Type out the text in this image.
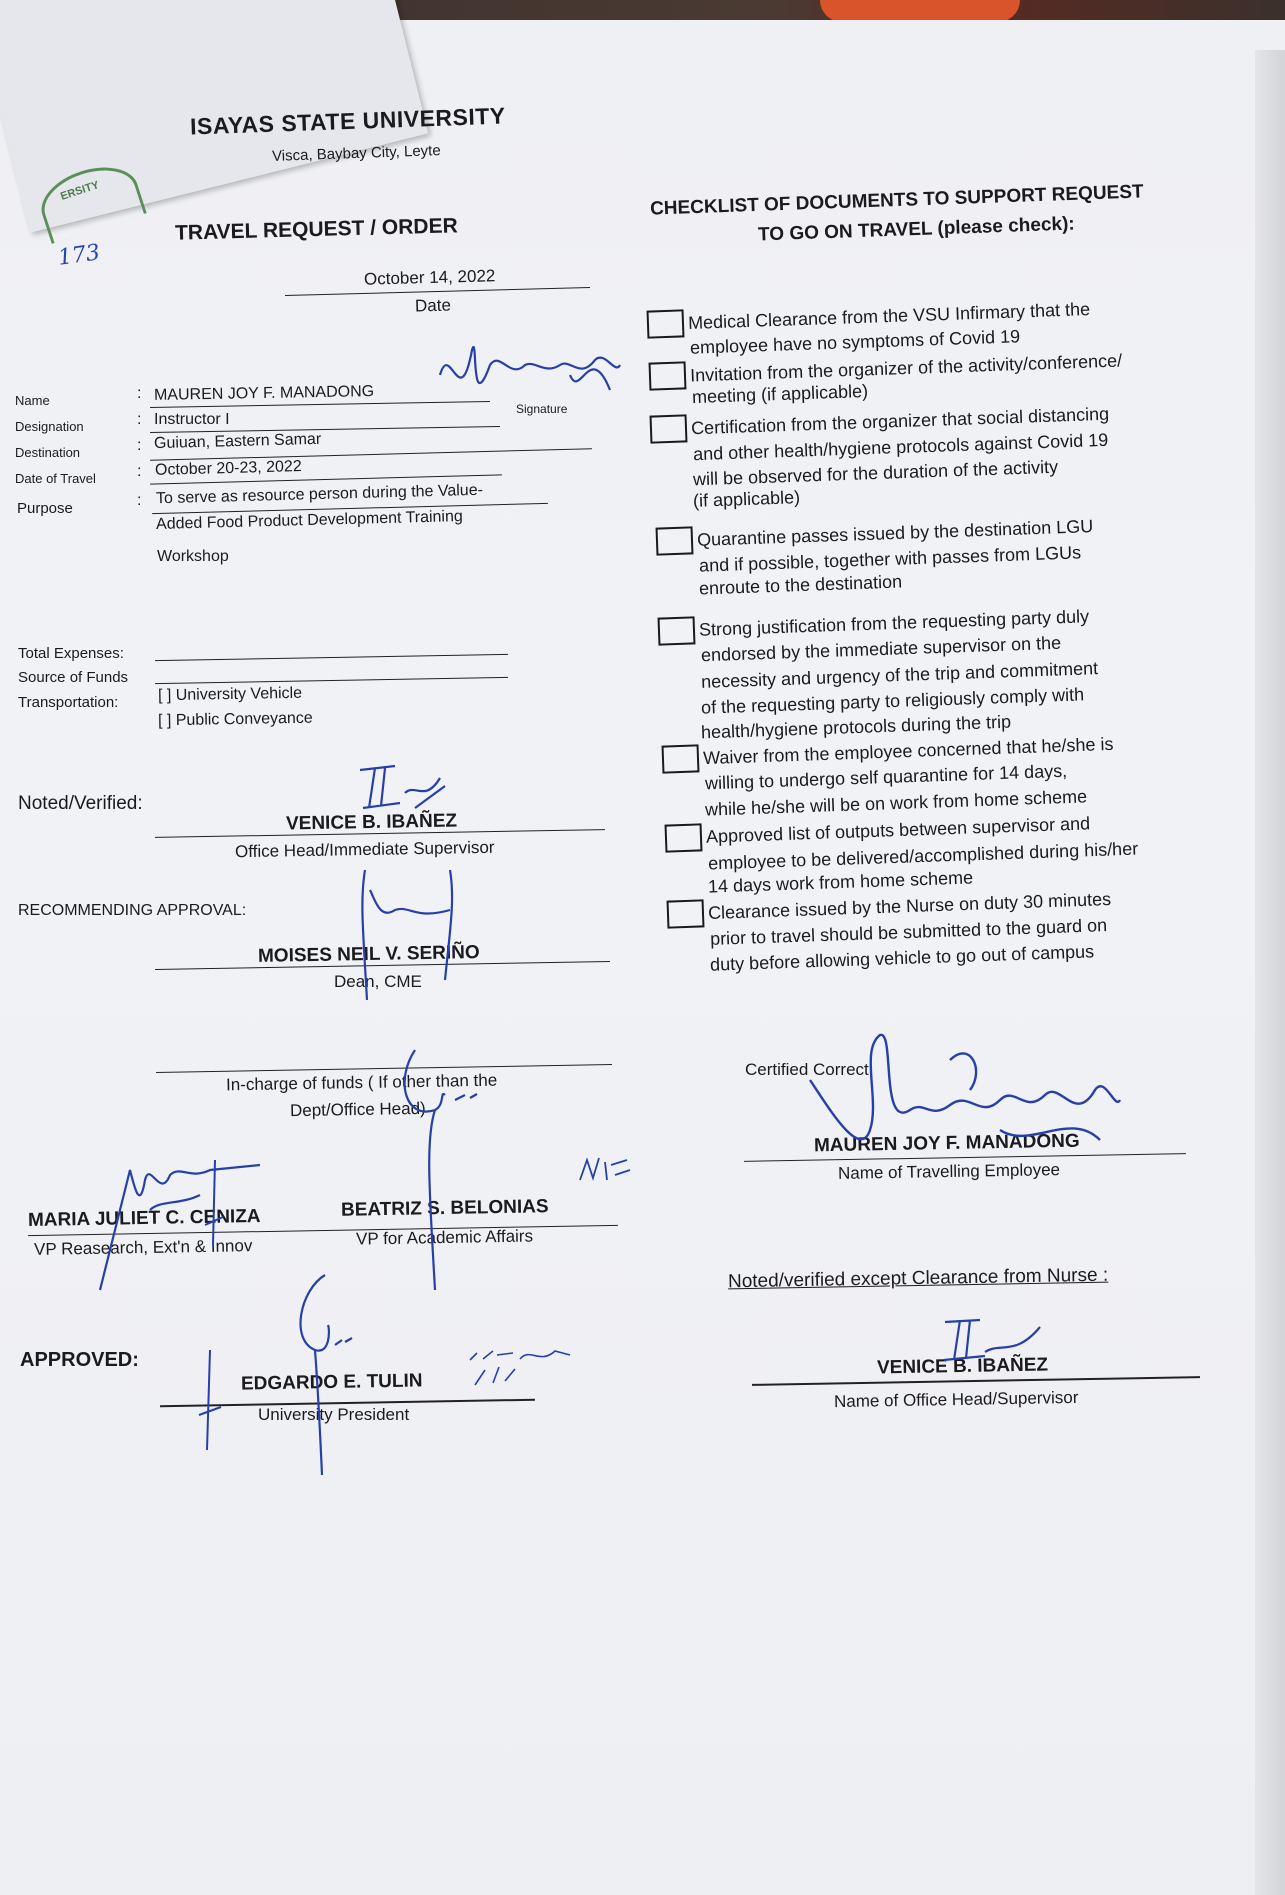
ERSITY
ISAYAS STATE UNIVERSITY
Visca, Baybay City, Leyte
TRAVEL REQUEST / ORDER
173
October 14, 2022
Date
Name	: MAUREN JOY F. MANADONG
Signature
Designation	: Instructor I
Destination	: Guiuan, Eastern Samar
Date of Travel	: October 20-23, 2022
Purpose	: To serve as resource person during the Value-
Added Food Product Development Training
Workshop
Total Expenses:
Source of Funds
Transportation: [ ] University Vehicle
[ ] Public Conveyance
Noted/Verified:
VENICE B. IBAÑEZ
Office Head/Immediate Supervisor
RECOMMENDING APPROVAL:
MOISES NEIL V. SERIÑO
Dean, CME
In-charge of funds ( If other than the
Dept/Office Head)
MARIA JULIET C. CENIZA	BEATRIZ S. BELONIAS
VP Reasearch, Ext'n & Innov	VP for Academic Affairs
APPROVED:
EDGARDO E. TULIN
University President
CHECKLIST OF DOCUMENTS TO SUPPORT REQUEST
TO GO ON TRAVEL (please check):
Medical Clearance from the VSU Infirmary that the
employee have no symptoms of Covid 19
Invitation from the organizer of the activity/conference/
meeting (if applicable)
Certification from the organizer that social distancing
and other health/hygiene protocols against Covid 19
will be observed for the duration of the activity
(if applicable)
Quarantine passes issued by the destination LGU
and if possible, together with passes from LGUs
enroute to the destination
Strong justification from the requesting party duly
endorsed by the immediate supervisor on the
necessity and urgency of the trip and commitment
of the requesting party to religiously comply with
health/hygiene protocols during the trip
Waiver from the employee concerned that he/she is
willing to undergo self quarantine for 14 days,
while he/she will be on work from home scheme
Approved list of outputs between supervisor and
employee to be delivered/accomplished during his/her
14 days work from home scheme
Clearance issued by the Nurse on duty 30 minutes
prior to travel should be submitted to the guard on
duty before allowing vehicle to go out of campus
Certified Correct:
MAUREN JOY F. MANADONG
Name of Travelling Employee
Noted/verified except Clearance from Nurse :
VENICE B. IBAÑEZ
Name of Office Head/Supervisor
